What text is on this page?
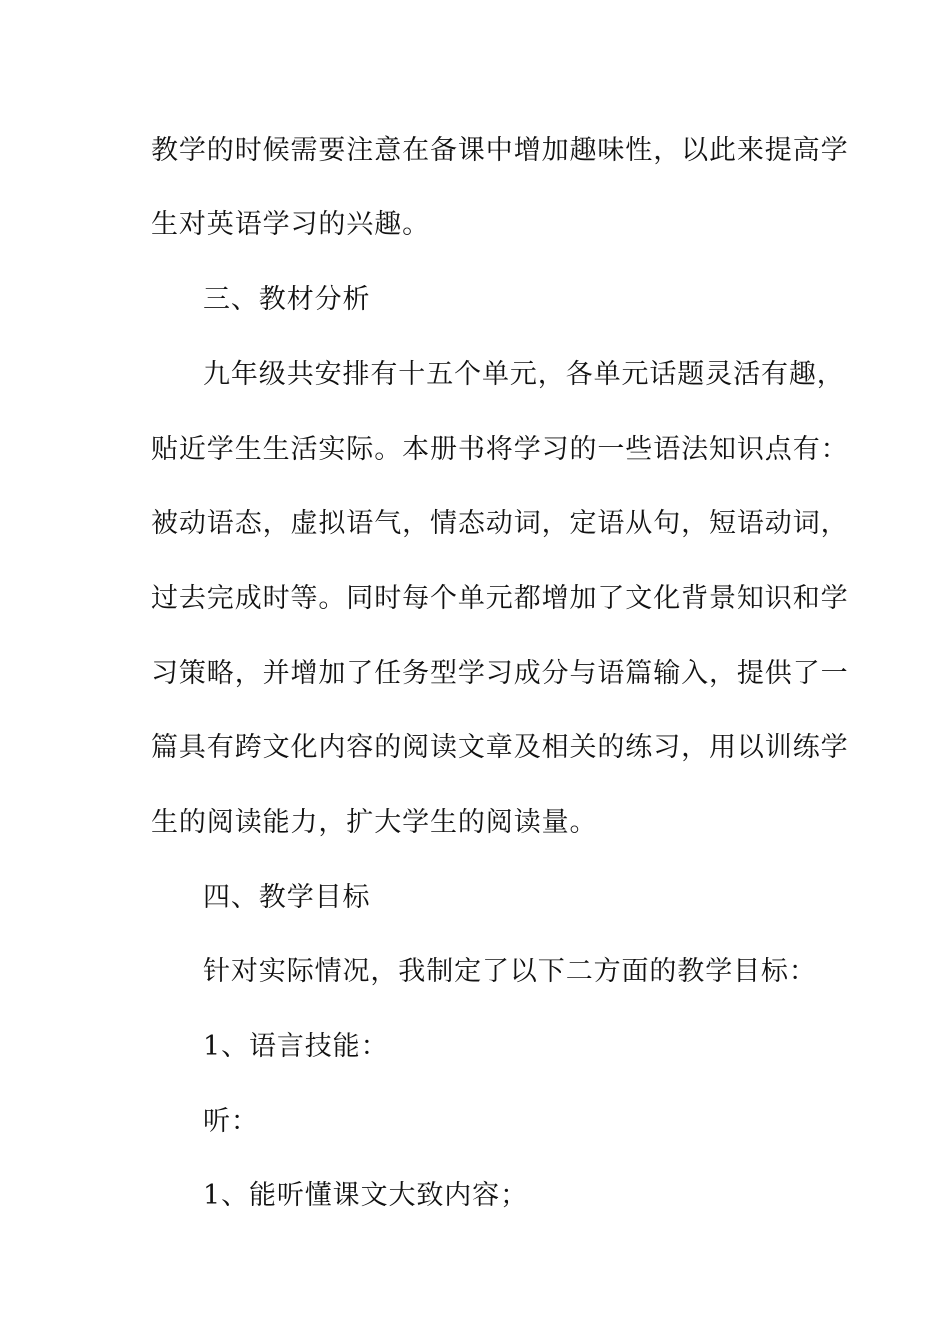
教学的时候需要注意在备课中增加趣味性，以此来提高学
生对英语学习的兴趣。
三、教材分析
九年级共安排有十五个单元，各单元话题灵活有趣，
贴近学生生活实际。本册书将学习的一些语法知识点有：
被动语态，虚拟语气，情态动词，定语从句，短语动词，
过去完成时等。同时每个单元都增加了文化背景知识和学
习策略，并增加了任务型学习成分与语篇输入，提供了一
篇具有跨文化内容的阅读文章及相关的练习，用以训练学
生的阅读能力，扩大学生的阅读量。
四、教学目标
针对实际情况，我制定了以下二方面的教学目标：
1、语言技能：
听：
1、能听懂课文大致内容；
